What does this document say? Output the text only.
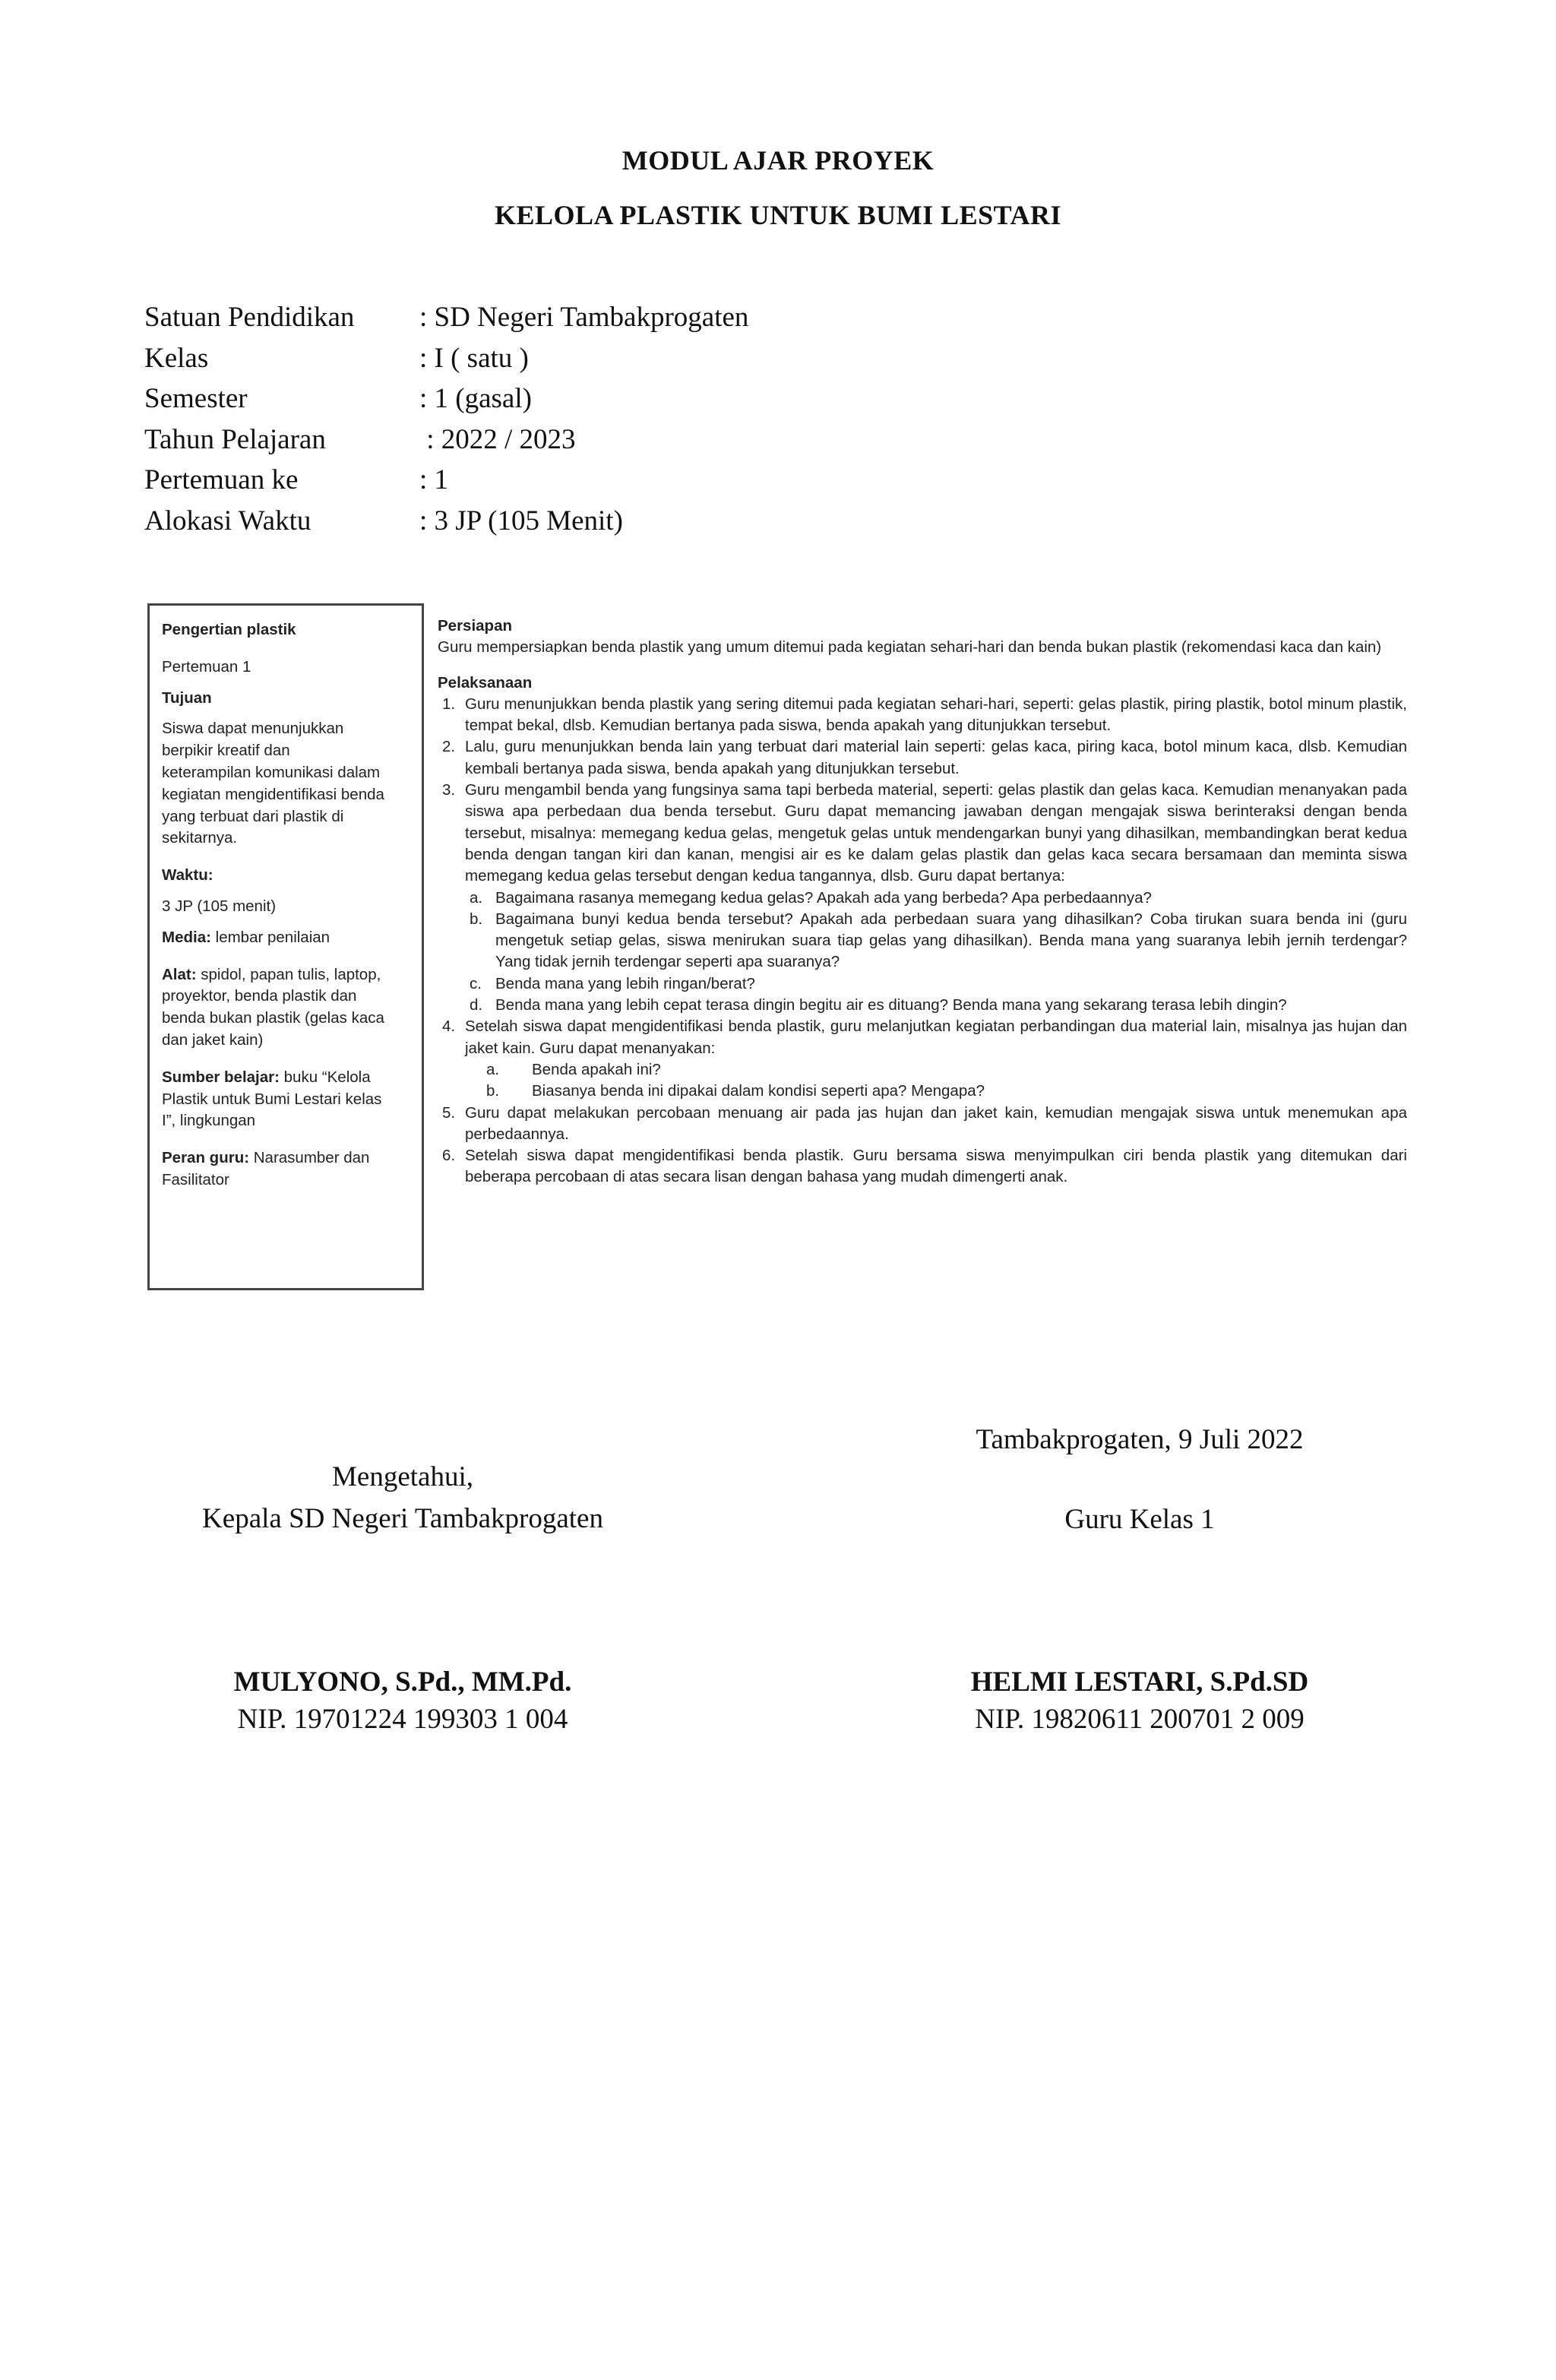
MODUL AJAR PROYEK
KELOLA PLASTIK UNTUK BUMI LESTARI
Satuan Pendidikan : SD Negeri Tambakprogaten
Kelas	: I ( satu )
Semester	: 1 (gasal)
Tahun Pelajaran	: 2022 / 2023
Pertemuan ke	: 1
Alokasi Waktu	: 3 JP (105 Menit)
Pengertian plastik
Pertemuan 1
Tujuan
Siswa dapat menunjukkan
berpikir kreatif dan
keterampilan komunikasi dalam
kegiatan mengidentifikasi benda
yang terbuat dari plastik di
sekitarnya.
Waktu:
3 JP (105 menit)
Media: lembar penilaian
Alat: spidol, papan tulis, laptop,
proyektor, benda plastik dan
benda bukan plastik (gelas kaca
dan jaket kain)
Sumber belajar: buku “Kelola
Plastik untuk Bumi Lestari kelas
I”, lingkungan
Peran guru: Narasumber dan
Fasilitator
Persiapan

Guru mempersiapkan benda plastik yang umum ditemui pada kegiatan sehari-hari dan benda bukan plastik (rekomendasi kaca dan kain)

Pelaksanaan
1. Guru menunjukkan benda plastik yang sering ditemui pada kegiatan sehari-hari, seperti: gelas plastik, piring plastik, botol minum plastik, tempat bekal, dlsb. Kemudian bertanya pada siswa, benda apakah yang ditunjukkan tersebut.
2. Lalu, guru menunjukkan benda lain yang terbuat dari material lain seperti: gelas kaca, piring kaca, botol minum kaca, dlsb. Kemudian kembali bertanya pada siswa, benda apakah yang ditunjukkan tersebut.
3. Guru mengambil benda yang fungsinya sama tapi berbeda material, seperti: gelas plastik dan gelas kaca. Kemudian menanyakan pada siswa apa perbedaan dua benda tersebut. Guru dapat memancing jawaban dengan mengajak siswa berinteraksi dengan benda tersebut, misalnya: memegang kedua gelas, mengetuk gelas untuk mendengarkan bunyi yang dihasilkan, membandingkan berat kedua benda dengan tangan kiri dan kanan, mengisi air es ke dalam gelas plastik dan gelas kaca secara bersamaan dan meminta siswa memegang kedua gelas tersebut dengan kedua tangannya, dlsb. Guru dapat bertanya:
a. Bagaimana rasanya memegang kedua gelas? Apakah ada yang berbeda? Apa perbedaannya?
b. Bagaimana bunyi kedua benda tersebut? Apakah ada perbedaan suara yang dihasilkan? Coba tirukan suara benda ini (guru mengetuk setiap gelas, siswa menirukan suara tiap gelas yang dihasilkan). Benda mana yang suaranya lebih jernih terdengar? Yang tidak jernih terdengar seperti apa suaranya?
c. Benda mana yang lebih ringan/berat?
d. Benda mana yang lebih cepat terasa dingin begitu air es dituang? Benda mana yang sekarang terasa lebih dingin?
4. Setelah siswa dapat mengidentifikasi benda plastik, guru melanjutkan kegiatan perbandingan dua material lain, misalnya jas hujan dan jaket kain. Guru dapat menanyakan:
a.	Benda apakah ini?
b.	Biasanya benda ini dipakai dalam kondisi seperti apa? Mengapa?
5. Guru dapat melakukan percobaan menuang air pada jas hujan dan jaket kain, kemudian mengajak siswa untuk menemukan apa perbedaannya.
6. Setelah siswa dapat mengidentifikasi benda plastik. Guru bersama siswa menyimpulkan ciri benda plastik yang ditemukan dari beberapa percobaan di atas secara lisan dengan bahasa yang mudah dimengerti anak.
Tambakprogaten, 9 Juli 2022
Mengetahui,
Kepala SD Negeri Tambakprogaten	Guru Kelas 1
MULYONO, S.Pd., MM.Pd.
NIP. 19701224 199303 1 004
HELMI LESTARI, S.Pd.SD
NIP. 19820611 200701 2 009
